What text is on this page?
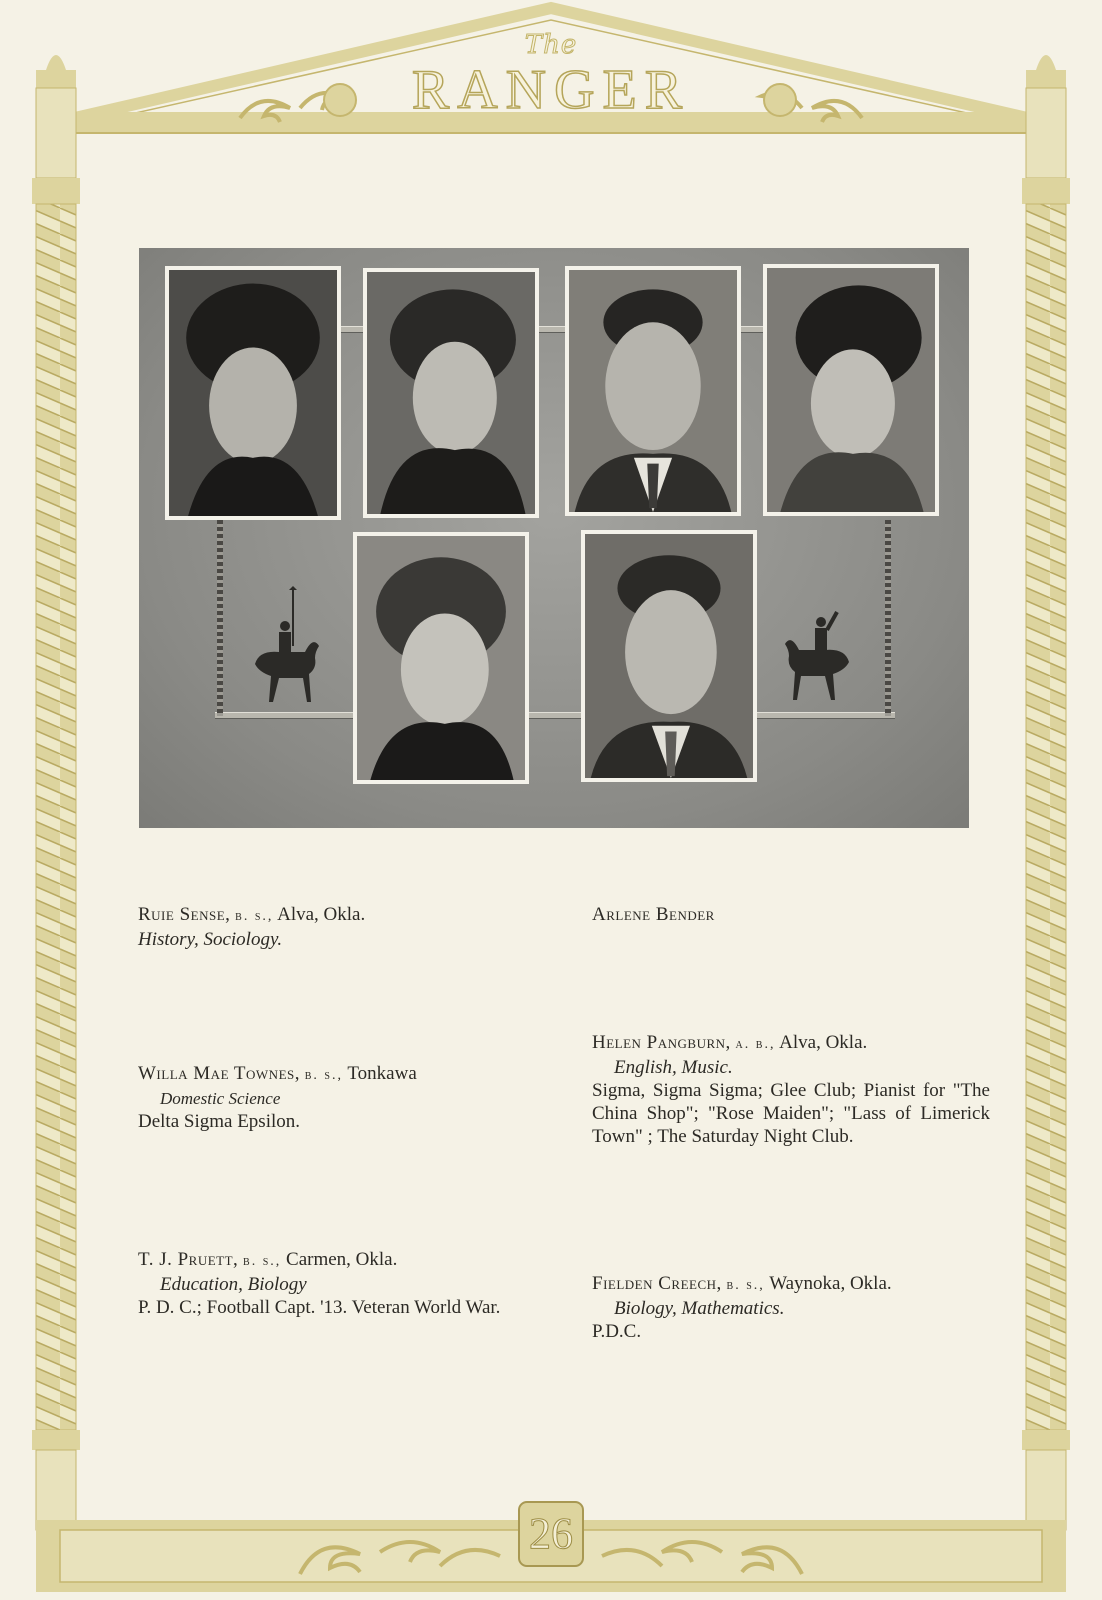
The
RANGER
26
Ruie Sense, b. s., Alva, Okla.
History, Sociology.
Arlene Bender
Willa Mae Townes, b. s., Tonkawa
Domestic Science
Delta Sigma Epsilon.
Helen Pangburn, a. b., Alva, Okla.
English, Music.
Sigma, Sigma Sigma; Glee Club; Pianist for "The China Shop"; "Rose Maiden"; "Lass of Limerick Town" ; The Saturday Night Club.
T. J. Pruett, b. s., Carmen, Okla.
Education, Biology
P. D. C.; Football Capt. '13. Veteran World War.
Fielden Creech, b. s., Waynoka, Okla.
Biology, Mathematics.
P.D.C.
